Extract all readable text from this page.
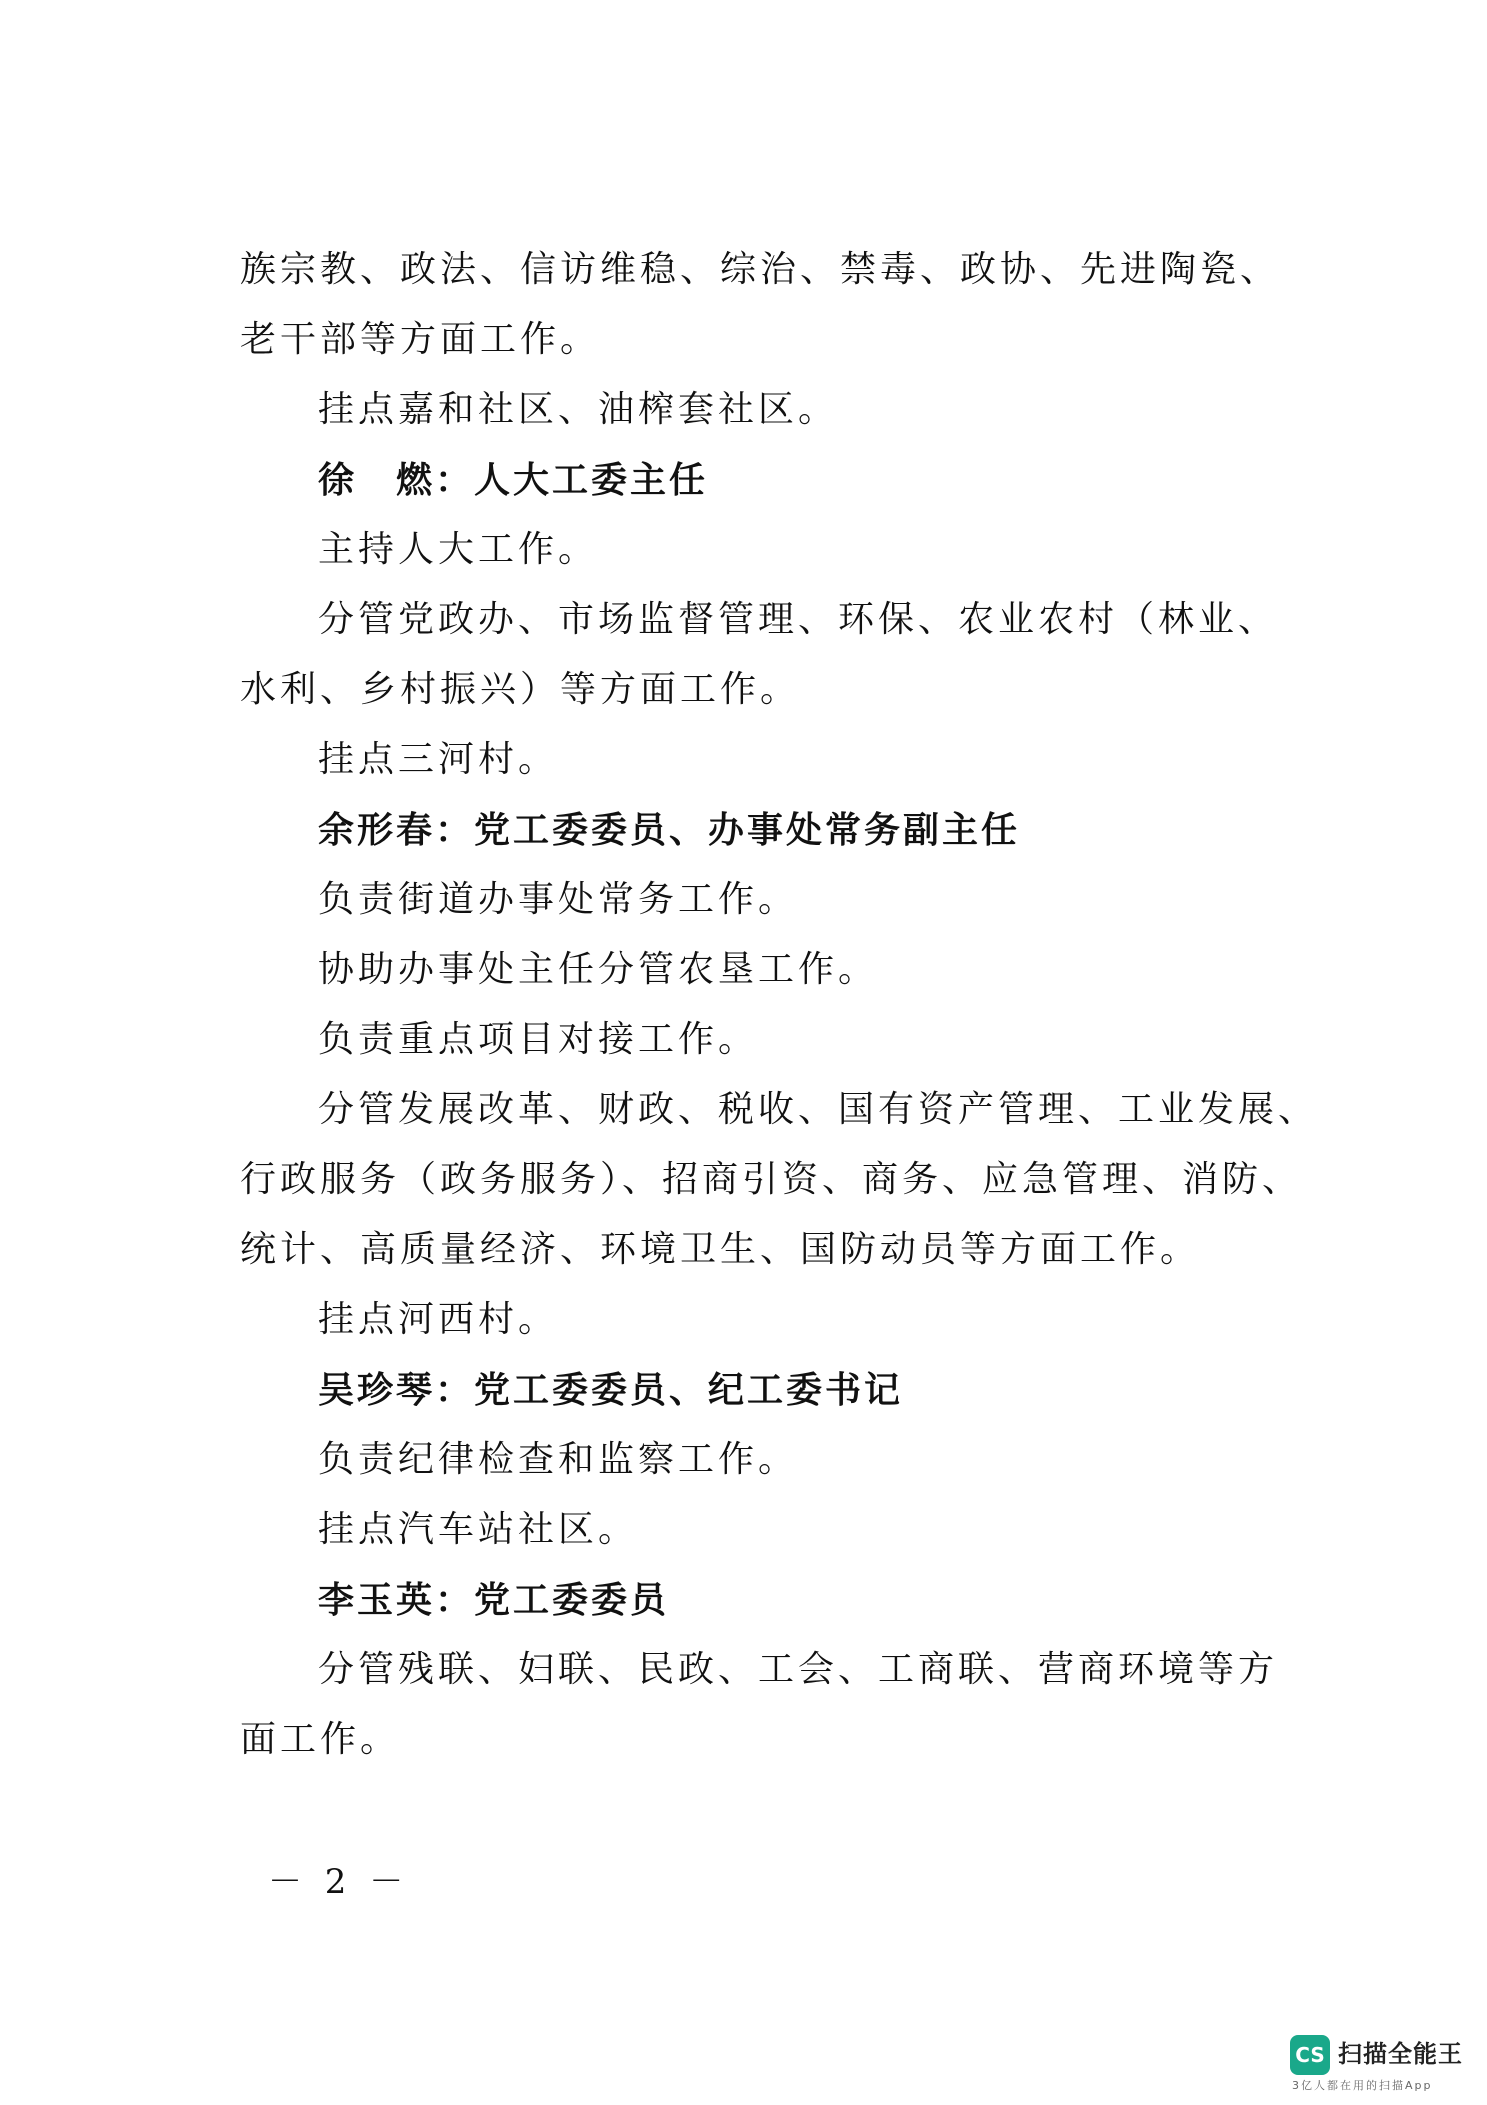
族宗教、政法、信访维稳、综治、禁毒、政协、先进陶瓷、
老干部等方面工作。
挂点嘉和社区、油榨套社区。
徐　燃：人大工委主任
主持人大工作。
分管党政办、市场监督管理、环保、农业农村（林业、
水利、乡村振兴）等方面工作。
挂点三河村。
余形春：党工委委员、办事处常务副主任
负责街道办事处常务工作。
协助办事处主任分管农垦工作。
负责重点项目对接工作。
分管发展改革、财政、税收、国有资产管理、工业发展、
行政服务（政务服务）、招商引资、商务、应急管理、消防、
统计、高质量经济、环境卫生、国防动员等方面工作。
挂点河西村。
吴珍琴：党工委委员、纪工委书记
负责纪律检查和监察工作。
挂点汽车站社区。
李玉英：党工委委员
分管残联、妇联、民政、工会、工商联、营商环境等方
面工作。
－ 2 －
CS 扫描全能王
3亿人都在用的扫描App
